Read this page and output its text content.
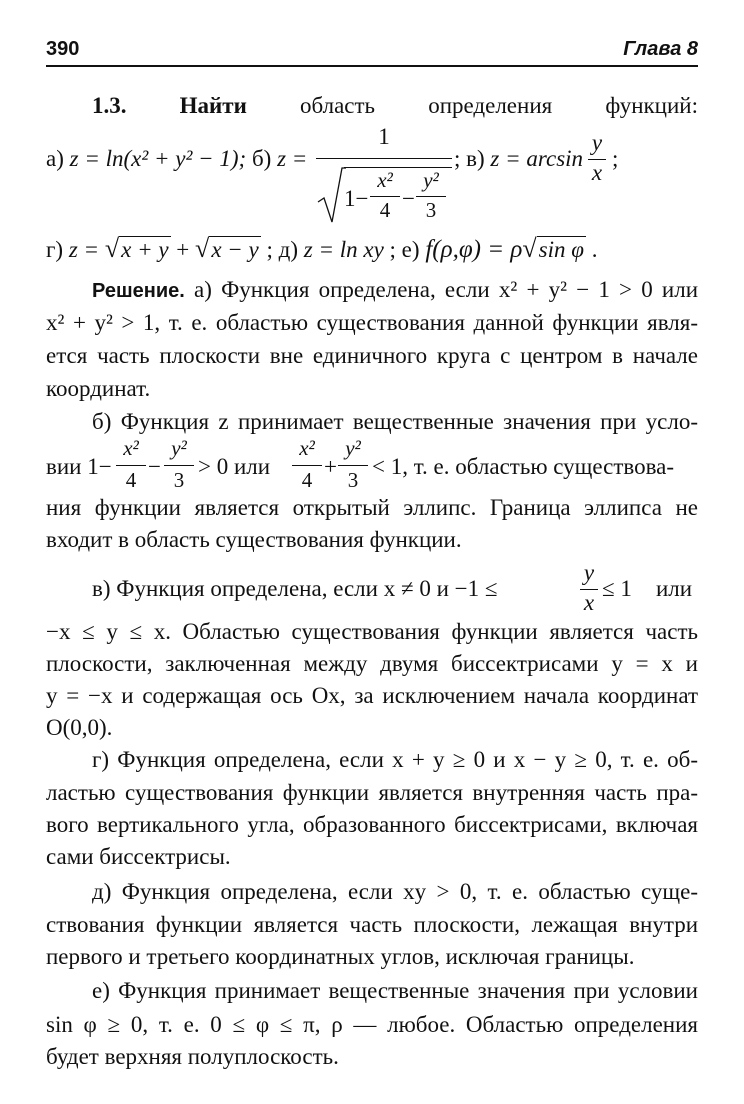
390	Глава 8
1.3. Найти область определения функций:
а) z = ln(x² + y² − 1); б) z =
1
1−
x²
4 −
y²
3
; в) z = arcsin
y
x
;
г) z = √x + y + √x − y ; д) z = ln xy ; е) f(ρ,φ) = ρ√sin φ .
Решение. а) Функция определена, если x² + y² − 1 > 0 или
x² + y² > 1, т. е. областью существования данной функции явля-
ется часть плоскости вне единичного круга с центром в начале
координат.
б) Функция z принимает вещественные значения при усло-
вии 1−
x²
4
−
y²
3
> 0 или
x²
4
+
y²
3
< 1, т. е. областью существова-
ния функции является открытый эллипс. Граница эллипса не
входит в область существования функции.
в) Функция определена, если x ≠ 0 и −1 ≤
y
x
≤ 1 или
−x ≤ y ≤ x. Областью существования функции является часть
плоскости, заключенная между двумя биссектрисами y = x и
y = −x и содержащая ось Ox, за исключением начала координат
O(0,0).
г) Функция определена, если x + y ≥ 0 и x − y ≥ 0, т. е. об-
ластью существования функции является внутренняя часть пра-
вого вертикального угла, образованного биссектрисами, включая
сами биссектрисы.
д) Функция определена, если xy > 0, т. е. областью суще-
ствования функции является часть плоскости, лежащая внутри
первого и третьего координатных углов, исключая границы.
е) Функция принимает вещественные значения при условии
sin φ ≥ 0, т. е. 0 ≤ φ ≤ π, ρ — любое. Областью определения
будет верхняя полуплоскость.
